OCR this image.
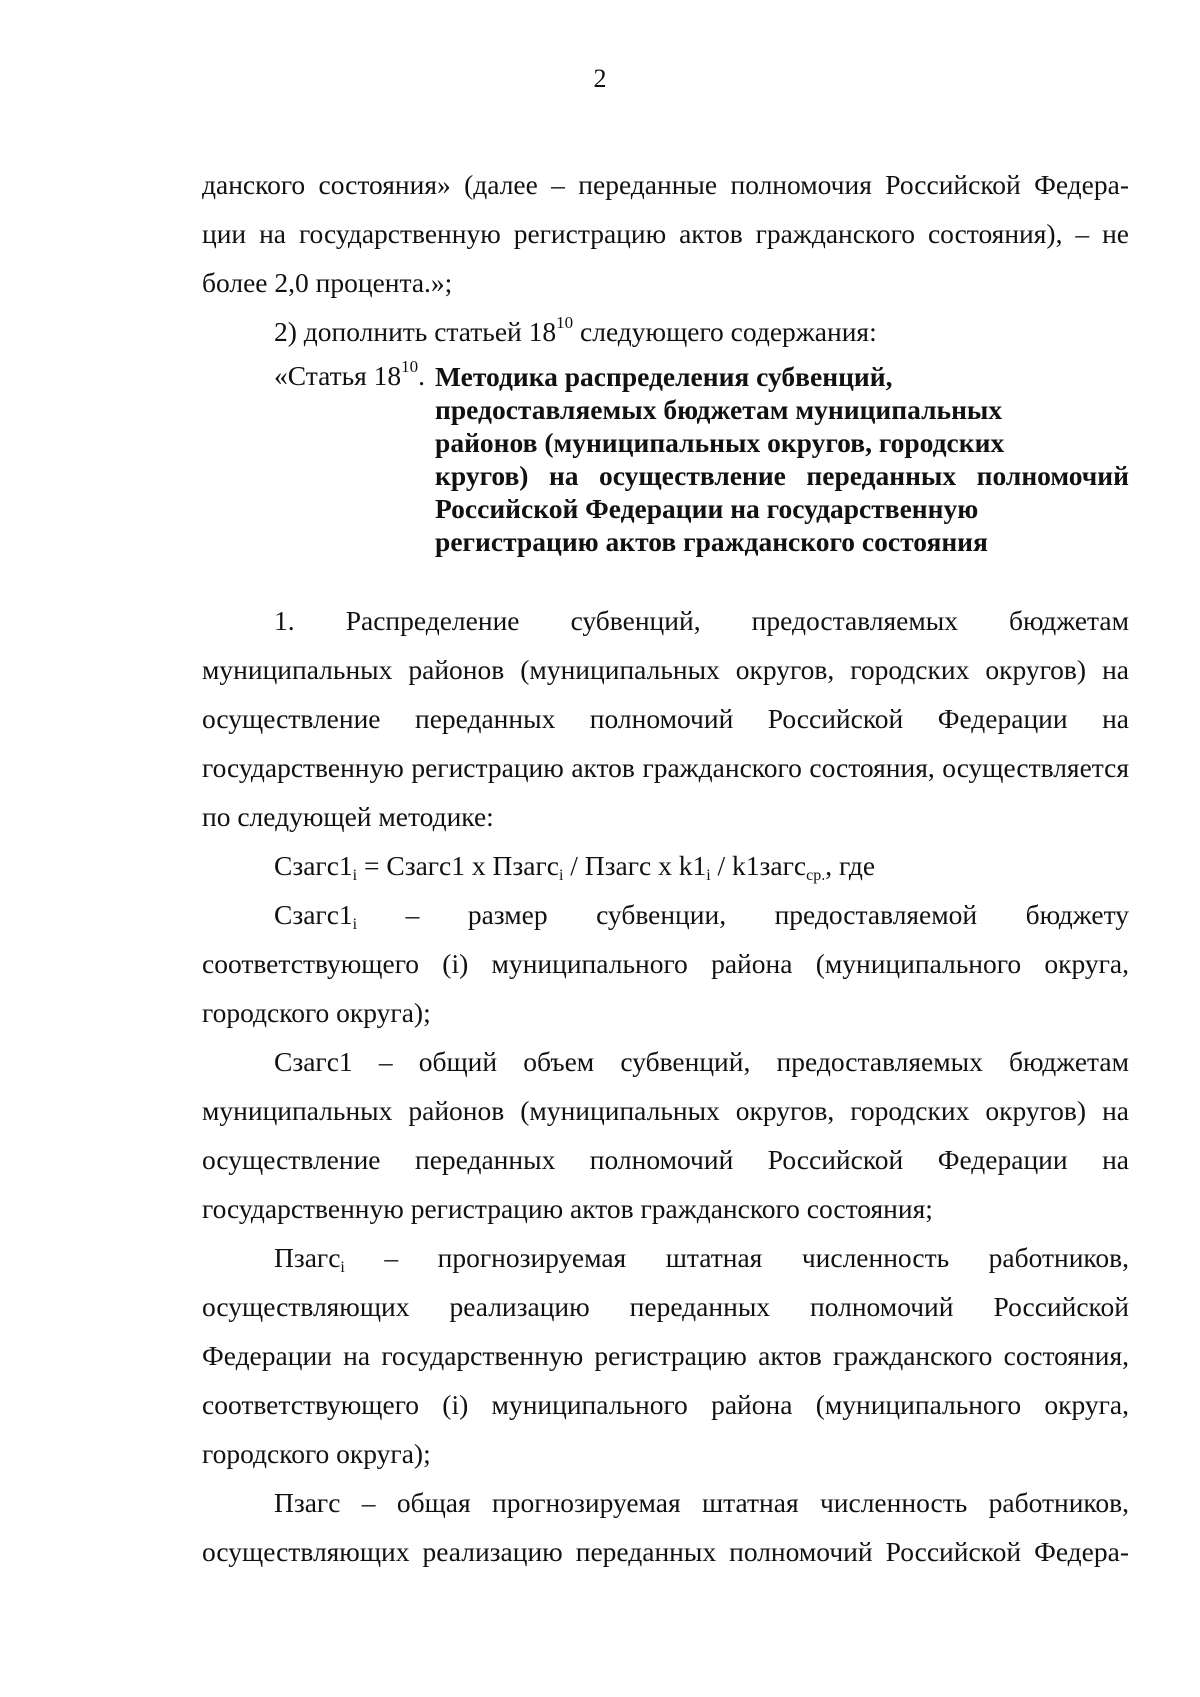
2

данского состояния» (далее – переданные полномочия Российской Федера-

ции на государственную регистрацию актов гражданского состояния), – не

более 2,0 процента.»;

2) дополнить статьей $18^{10}$ следующего содержания:

«Статья $18^{10}$. Методика распределения субвенций,
предоставляемых бюджетам муниципальных
районов (муниципальных округов, городских
кругов) на осуществление переданных полномочий
Российской Федерации на государственную
регистрацию актов гражданского состояния

1. Распределение субвенций, предоставляемых бюджетам муниципальных районов (муниципальных округов, городских округов) на осуществление переданных полномочий Российской Федерации на государственную регистрацию актов гражданского состояния, осуществляется по следующей методике:

Сзагс1i = Сзагс1 х Пзагсi / Пзагс х k1i / k1загсср., где

Сзагс1i – размер субвенции, предоставляемой бюджету соответствующего (i) муниципального района (муниципального округа, городского округа);

Сзагс1 – общий объем субвенций, предоставляемых бюджетам муниципальных районов (муниципальных округов, городских округов) на осуществление переданных полномочий Российской Федерации на государственную регистрацию актов гражданского состояния;

Пзагсi – прогнозируемая штатная численность работников, осуществляющих реализацию переданных полномочий Российской Федерации на государственную регистрацию актов гражданского состояния, соответствующего (i) муниципального района (муниципального округа, городского округа);

Пзагс – общая прогнозируемая штатная численность работников, осуществляющих реализацию переданных полномочий Российской Федера-
